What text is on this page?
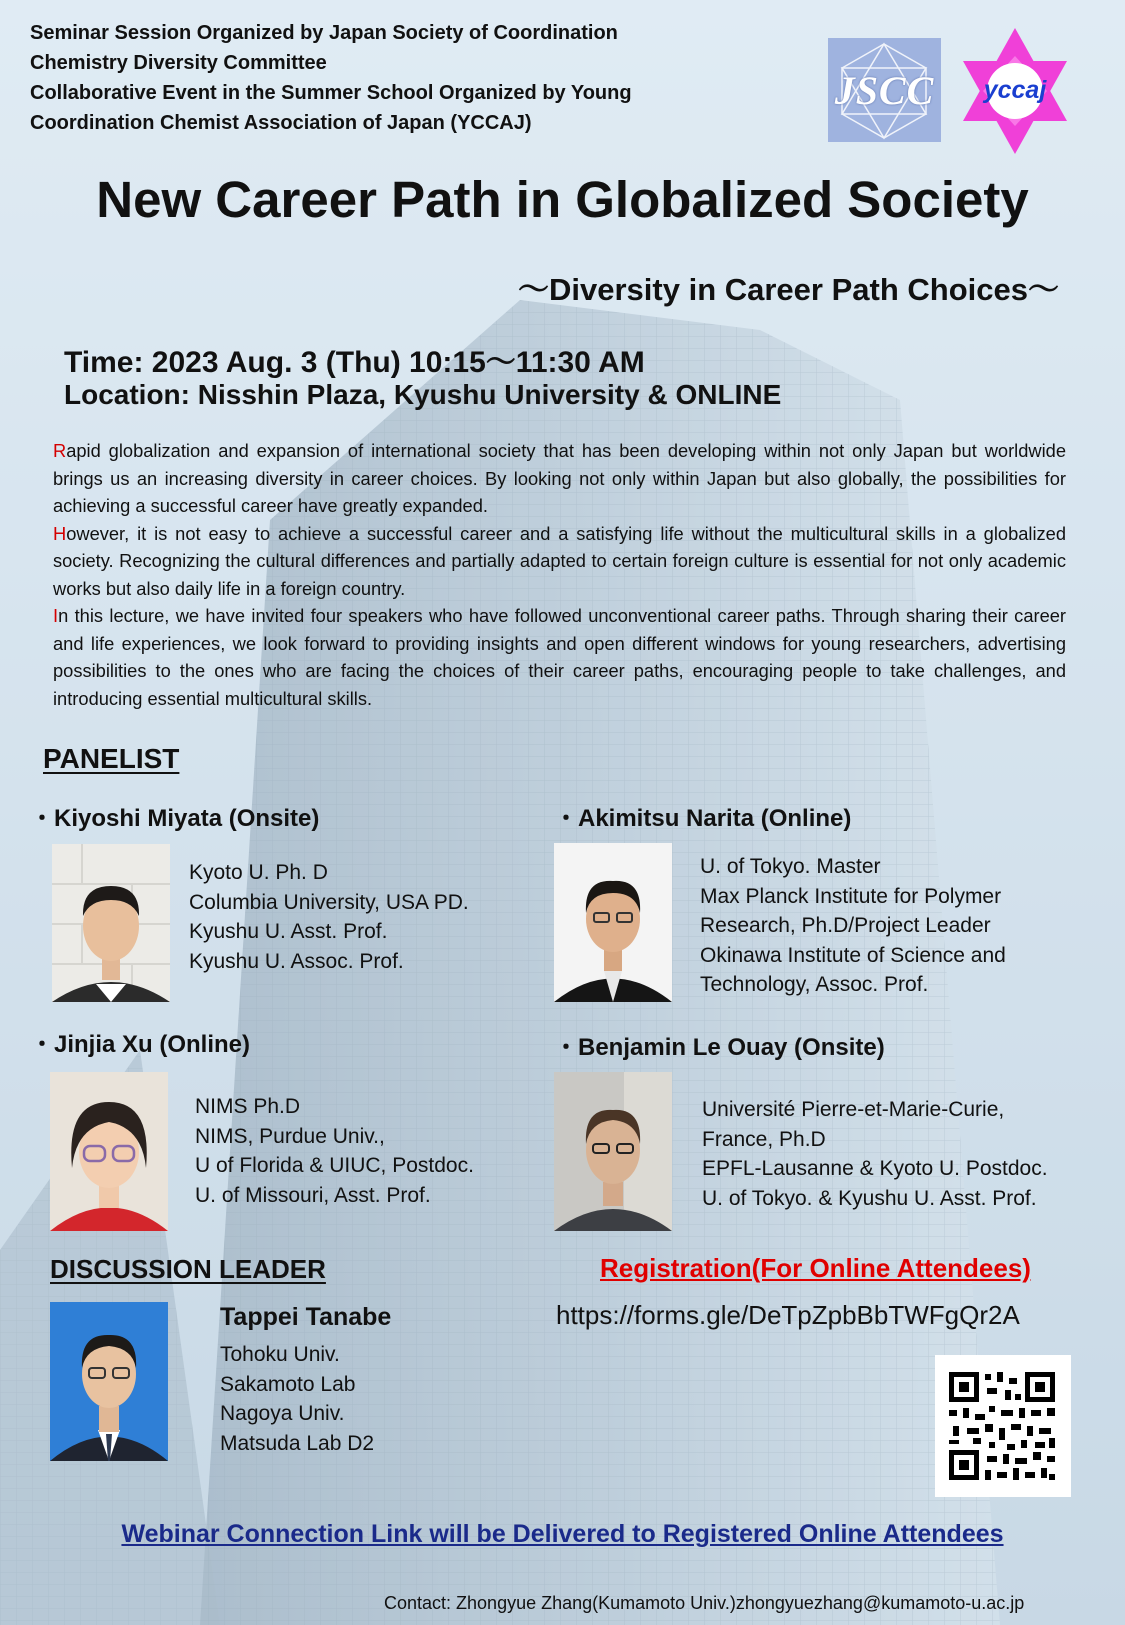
Seminar Session Organized by Japan Society of Coordination
Chemistry Diversity Committee
Collaborative Event in the Summer School Organized by Young
Coordination Chemist Association of Japan (YCCAJ)
JSCC	yccaj
New Career Path in Globalized Society
～Diversity in Career Path Choices～
Time: 2023 Aug. 3 (Thu) 10:15～11:30 AM
Location: Nisshin Plaza, Kyushu University & ONLINE

Rapid globalization and expansion of international society that has been developing within not only Japan but worldwide brings us an increasing diversity in career choices. By looking not only within Japan but also globally, the possibilities for achieving a successful career have greatly expanded.

However, it is not easy to achieve a successful career and a satisfying life without the multicultural skills in a globalized society. Recognizing the cultural differences and partially adapted to certain foreign culture is essential for not only academic works but also daily life in a foreign country.

In this lecture, we have invited four speakers who have followed unconventional career paths. Through sharing their career and life experiences, we look forward to providing insights and open different windows for young researchers, advertising possibilities to the ones who are facing the choices of their career paths, encouraging people to take challenges, and introducing essential multicultural skills.

PANELIST
・Kiyoshi Miyata (Onsite)
Kyoto U. Ph. D
Columbia University, USA PD.
Kyushu U. Asst. Prof.
Kyushu U. Assoc. Prof.
・Akimitsu Narita (Online)
U. of Tokyo. Master
Max Planck Institute for Polymer
Research, Ph.D/Project Leader
Okinawa Institute of Science and
Technology, Assoc. Prof.
・Jinjia Xu (Online)
NIMS Ph.D
NIMS, Purdue Univ.,
U of Florida & UIUC, Postdoc.
U. of Missouri, Asst. Prof.
・Benjamin Le Ouay (Onsite)
Université Pierre-et-Marie-Curie,
France, Ph.D
EPFL-Lausanne & Kyoto U. Postdoc.
U. of Tokyo. & Kyushu U. Asst. Prof.
DISCUSSION LEADER
Tappei Tanabe
Tohoku Univ.
Sakamoto Lab
Nagoya Univ.
Matsuda Lab D2
Registration(For Online Attendees)
https://forms.gle/DeTpZpbBbTWFgQr2A
Webinar Connection Link will be Delivered to Registered Online Attendees
Contact: Zhongyue Zhang(Kumamoto Univ.)zhongyuezhang@kumamoto-u.ac.jp
